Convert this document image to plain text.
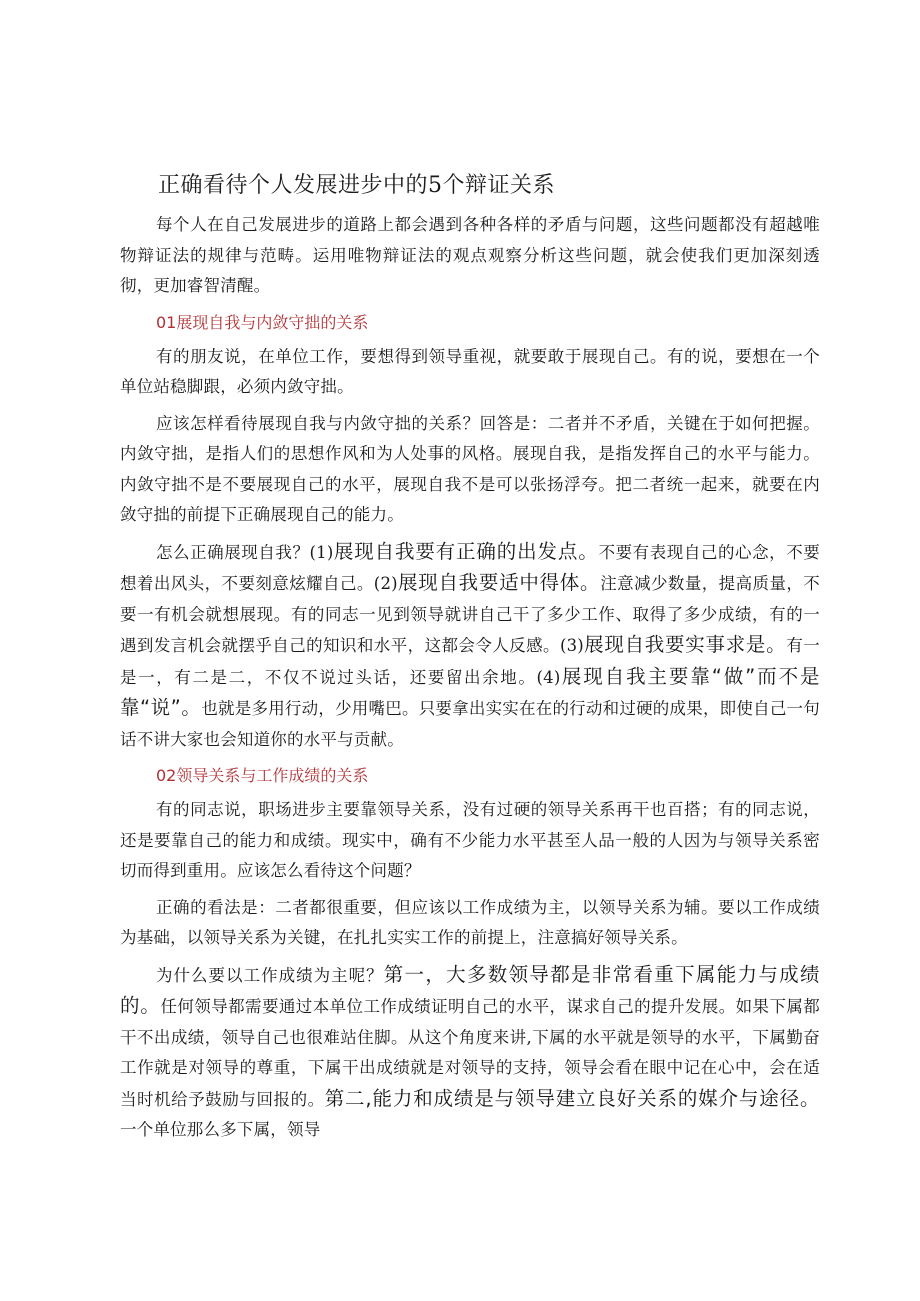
正确看待个人发展进步中的5个辩证关系

每个人在自己发展进步的道路上都会遇到各种各样的矛盾与问题，这些问题都没有超越唯物辩证法的规律与范畴。运用唯物辩证法的观点观察分析这些问题，就会使我们更加深刻透彻，更加睿智清醒。

01展现自我与内敛守拙的关系

有的朋友说，在单位工作，要想得到领导重视，就要敢于展现自己。有的说，要想在一个单位站稳脚跟，必须内敛守拙。

应该怎样看待展现自我与内敛守拙的关系？回答是：二者并不矛盾，关键在于如何把握。内敛守拙，是指人们的思想作风和为人处事的风格。展现自我，是指发挥自己的水平与能力。内敛守拙不是不要展现自己的水平，展现自我不是可以张扬浮夸。把二者统一起来，就要在内敛守拙的前提下正确展现自己的能力。

怎么正确展现自我？(1)展现自我要有正确的出发点。不要有表现自己的心念，不要想着出风头，不要刻意炫耀自己。(2)展现自我要适中得体。注意减少数量，提高质量，不要一有机会就想展现。有的同志一见到领导就讲自己干了多少工作、取得了多少成绩，有的一遇到发言机会就摆乎自己的知识和水平，这都会令人反感。(3)展现自我要实事求是。有一是一，有二是二，不仅不说过头话，还要留出余地。(4)展现自我主要靠“做”而不是靠“说”。也就是多用行动，少用嘴巴。只要拿出实实在在的行动和过硬的成果，即使自己一句话不讲大家也会知道你的水平与贡献。

02领导关系与工作成绩的关系

有的同志说，职场进步主要靠领导关系，没有过硬的领导关系再干也百搭；有的同志说，还是要靠自己的能力和成绩。现实中，确有不少能力水平甚至人品一般的人因为与领导关系密切而得到重用。应该怎么看待这个问题？

正确的看法是：二者都很重要，但应该以工作成绩为主，以领导关系为辅。要以工作成绩为基础，以领导关系为关键，在扎扎实实工作的前提上，注意搞好领导关系。

为什么要以工作成绩为主呢？第一，大多数领导都是非常看重下属能力与成绩的。任何领导都需要通过本单位工作成绩证明自己的水平，谋求自己的提升发展。如果下属都干不出成绩，领导自己也很难站住脚。从这个角度来讲,下属的水平就是领导的水平，下属勤奋工作就是对领导的尊重，下属干出成绩就是对领导的支持，领导会看在眼中记在心中，会在适当时机给予鼓励与回报的。第二,能力和成绩是与领导建立良好关系的媒介与途径。一个单位那么多下属，领导
